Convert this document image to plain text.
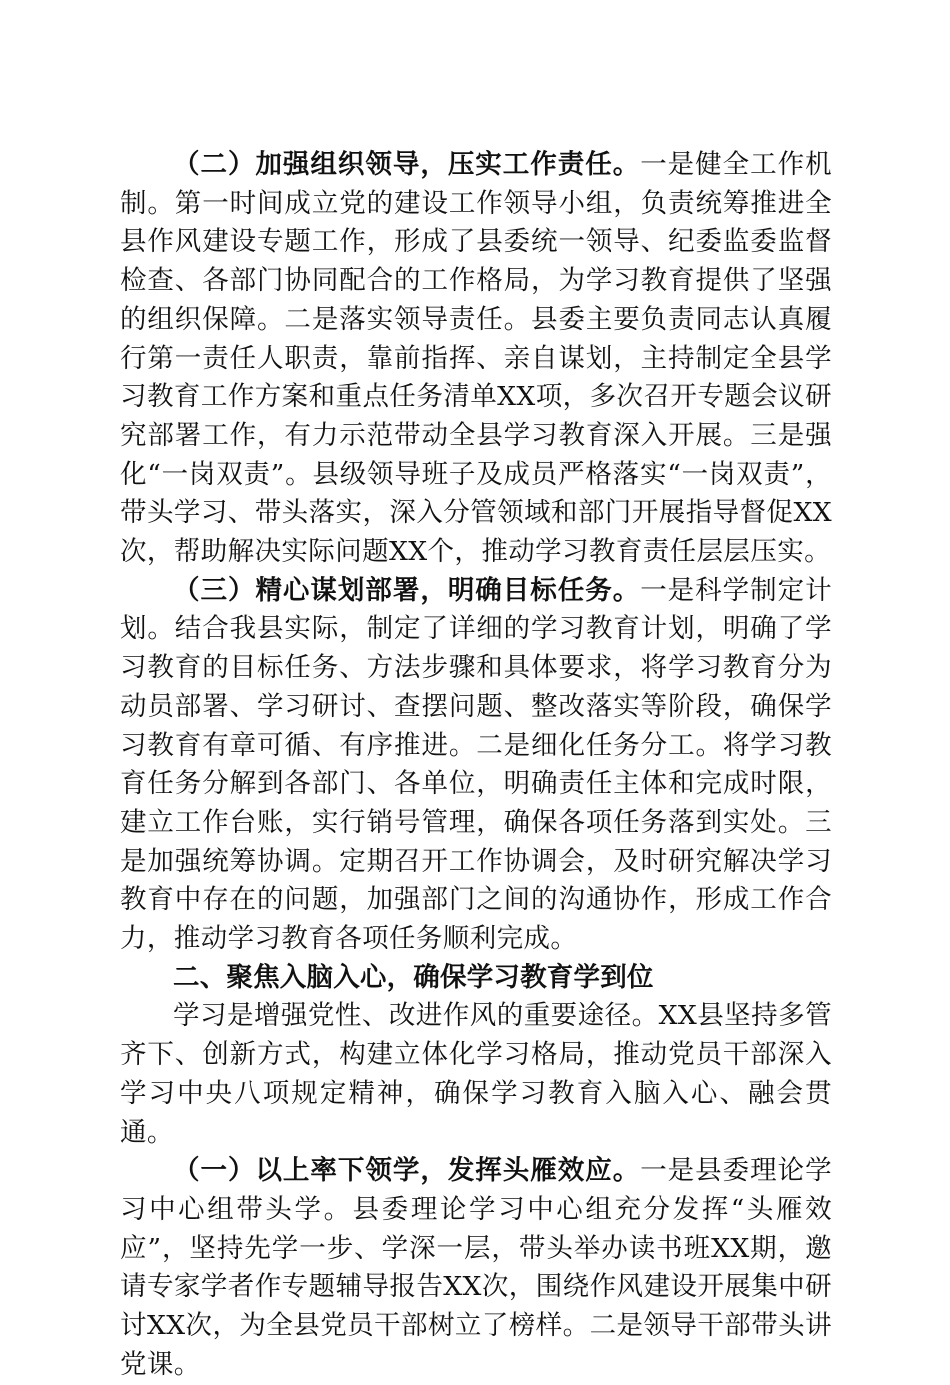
（二）加强组织领导，压实工作责任。一是健全工作机制。第一时间成立党的建设工作领导小组，负责统筹推进全县作风建设专题工作，形成了县委统一领导、纪委监委监督检查、各部门协同配合的工作格局，为学习教育提供了坚强的组织保障。二是落实领导责任。县委主要负责同志认真履行第一责任人职责，靠前指挥、亲自谋划，主持制定全县学习教育工作方案和重点任务清单XX项，多次召开专题会议研究部署工作，有力示范带动全县学习教育深入开展。三是强化“一岗双责”。县级领导班子及成员严格落实“一岗双责”，带头学习、带头落实，深入分管领域和部门开展指导督促XX次，帮助解决实际问题XX个，推动学习教育责任层层压实。

（三）精心谋划部署，明确目标任务。一是科学制定计划。结合我县实际，制定了详细的学习教育计划，明确了学习教育的目标任务、方法步骤和具体要求，将学习教育分为动员部署、学习研讨、查摆问题、整改落实等阶段，确保学习教育有章可循、有序推进。二是细化任务分工。将学习教育任务分解到各部门、各单位，明确责任主体和完成时限，建立工作台账，实行销号管理，确保各项任务落到实处。三是加强统筹协调。定期召开工作协调会，及时研究解决学习教育中存在的问题，加强部门之间的沟通协作，形成工作合力，推动学习教育各项任务顺利完成。

二、聚焦入脑入心，确保学习教育学到位

学习是增强党性、改进作风的重要途径。XX县坚持多管齐下、创新方式，构建立体化学习格局，推动党员干部深入学习中央八项规定精神，确保学习教育入脑入心、融会贯通。

（一）以上率下领学，发挥头雁效应。一是县委理论学习中心组带头学。县委理论学习中心组充分发挥“头雁效应”，坚持先学一步、学深一层，带头举办读书班XX期，邀请专家学者作专题辅导报告XX次，围绕作风建设开展集中研讨XX次，为全县党员干部树立了榜样。二是领导干部带头讲党课。
